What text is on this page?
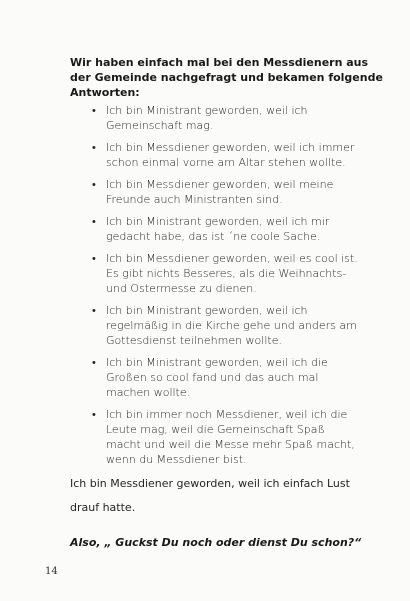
Wir haben einfach mal bei den Messdienern aus der Gemeinde nachgefragt und bekamen folgende Antworten:

• Ich bin Ministrant geworden, weil ich Gemeinschaft mag.
• Ich bin Messdiener geworden, weil ich immer schon einmal vorne am Altar stehen wollte.
• Ich bin Messdiener geworden, weil meine Freunde auch Ministranten sind.
• Ich bin Ministrant geworden, weil ich mir gedacht habe, das ist ´ne coole Sache.
• Ich bin Messdiener geworden, weil es cool ist. Es gibt nichts Besseres, als die Weihnachts- und Ostermesse zu dienen.
• Ich bin Ministrant geworden, weil ich regelmäßig in die Kirche gehe und anders am Gottesdienst teilnehmen wollte.
• Ich bin Ministrant geworden, weil ich die Großen so cool fand und das auch mal machen wollte.
• Ich bin immer noch Messdiener, weil ich die Leute mag, weil die Gemeinschaft Spaß macht und weil die Messe mehr Spaß macht, wenn du Messdiener bist.

Ich bin Messdiener geworden, weil ich einfach Lust drauf hatte.

Also, „ Guckst Du noch oder dienst Du schon?“

14
